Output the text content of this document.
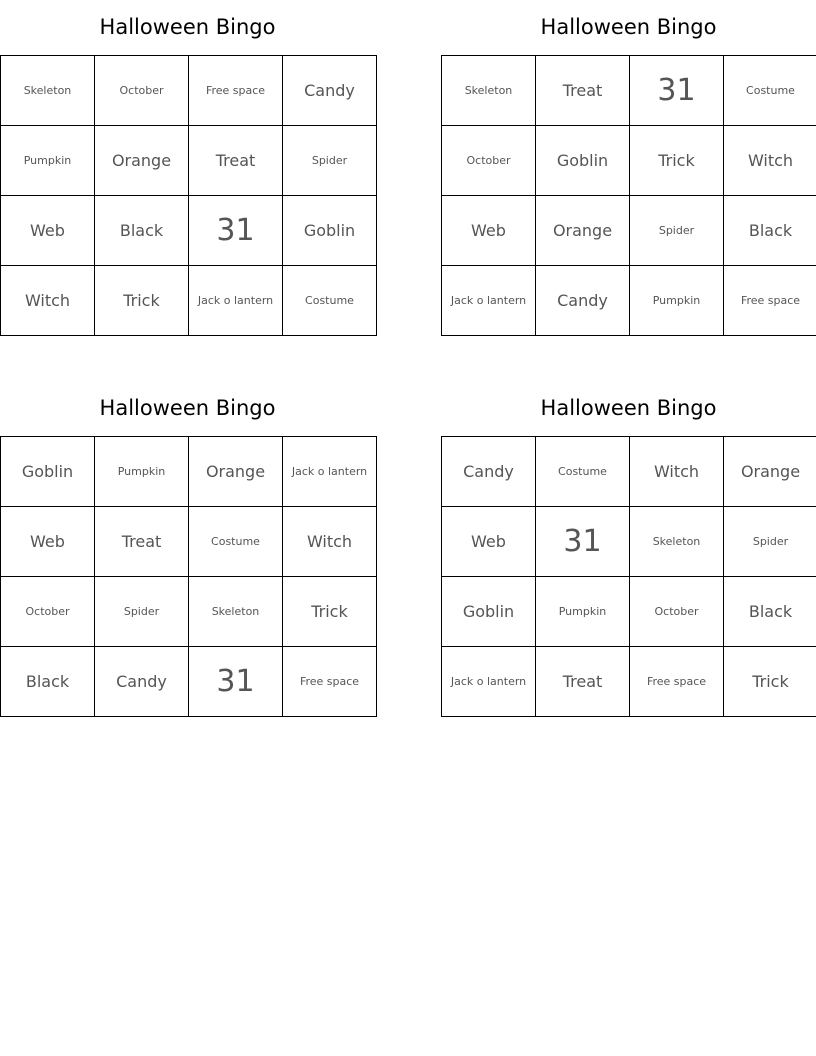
Halloween Bingo
Skeleton	October	Free space	Candy
Pumpkin	Orange	Treat	Spider
Web	Black	31	Goblin
Witch	Trick	Jack o lantern	Costume
Halloween Bingo
Skeleton	Treat	31	Costume
October	Goblin	Trick	Witch
Web	Orange	Spider	Black
Jack o lantern	Candy	Pumpkin	Free space
Halloween Bingo
Goblin	Pumpkin	Orange	Jack o lantern
Web	Treat	Costume	Witch
October	Spider	Skeleton	Trick
Black	Candy	31	Free space
Halloween Bingo
Candy	Costume	Witch	Orange
Web	31	Skeleton	Spider
Goblin	Pumpkin	October	Black
Jack o lantern	Treat	Free space	Trick
